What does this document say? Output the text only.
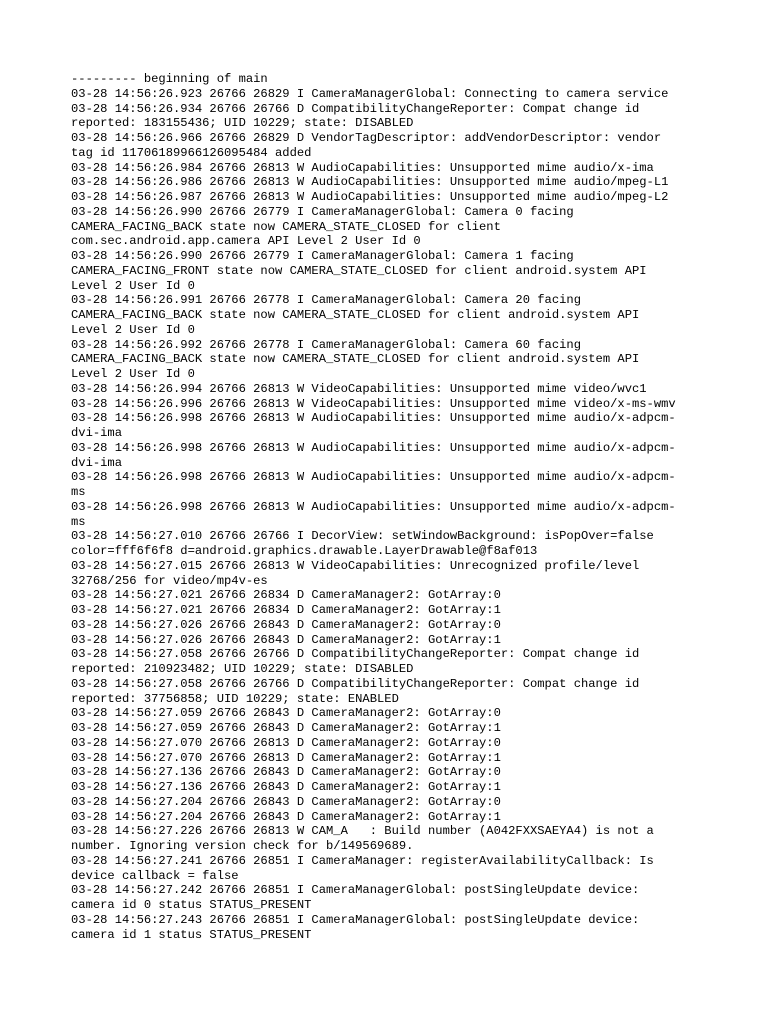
--------- beginning of main
03-28 14:56:26.923 26766 26829 I CameraManagerGlobal: Connecting to camera service
03-28 14:56:26.934 26766 26766 D CompatibilityChangeReporter: Compat change id
reported: 183155436; UID 10229; state: DISABLED
03-28 14:56:26.966 26766 26829 D VendorTagDescriptor: addVendorDescriptor: vendor
tag id 11706189966126095484 added
03-28 14:56:26.984 26766 26813 W AudioCapabilities: Unsupported mime audio/x-ima
03-28 14:56:26.986 26766 26813 W AudioCapabilities: Unsupported mime audio/mpeg-L1
03-28 14:56:26.987 26766 26813 W AudioCapabilities: Unsupported mime audio/mpeg-L2
03-28 14:56:26.990 26766 26779 I CameraManagerGlobal: Camera 0 facing
CAMERA_FACING_BACK state now CAMERA_STATE_CLOSED for client
com.sec.android.app.camera API Level 2 User Id 0
03-28 14:56:26.990 26766 26779 I CameraManagerGlobal: Camera 1 facing
CAMERA_FACING_FRONT state now CAMERA_STATE_CLOSED for client android.system API
Level 2 User Id 0
03-28 14:56:26.991 26766 26778 I CameraManagerGlobal: Camera 20 facing
CAMERA_FACING_BACK state now CAMERA_STATE_CLOSED for client android.system API
Level 2 User Id 0
03-28 14:56:26.992 26766 26778 I CameraManagerGlobal: Camera 60 facing
CAMERA_FACING_BACK state now CAMERA_STATE_CLOSED for client android.system API
Level 2 User Id 0
03-28 14:56:26.994 26766 26813 W VideoCapabilities: Unsupported mime video/wvc1
03-28 14:56:26.996 26766 26813 W VideoCapabilities: Unsupported mime video/x-ms-wmv
03-28 14:56:26.998 26766 26813 W AudioCapabilities: Unsupported mime audio/x-adpcm-
dvi-ima
03-28 14:56:26.998 26766 26813 W AudioCapabilities: Unsupported mime audio/x-adpcm-
dvi-ima
03-28 14:56:26.998 26766 26813 W AudioCapabilities: Unsupported mime audio/x-adpcm-
ms
03-28 14:56:26.998 26766 26813 W AudioCapabilities: Unsupported mime audio/x-adpcm-
ms
03-28 14:56:27.010 26766 26766 I DecorView: setWindowBackground: isPopOver=false
color=fff6f6f8 d=android.graphics.drawable.LayerDrawable@f8af013
03-28 14:56:27.015 26766 26813 W VideoCapabilities: Unrecognized profile/level
32768/256 for video/mp4v-es
03-28 14:56:27.021 26766 26834 D CameraManager2: GotArray:0
03-28 14:56:27.021 26766 26834 D CameraManager2: GotArray:1
03-28 14:56:27.026 26766 26843 D CameraManager2: GotArray:0
03-28 14:56:27.026 26766 26843 D CameraManager2: GotArray:1
03-28 14:56:27.058 26766 26766 D CompatibilityChangeReporter: Compat change id
reported: 210923482; UID 10229; state: DISABLED
03-28 14:56:27.058 26766 26766 D CompatibilityChangeReporter: Compat change id
reported: 37756858; UID 10229; state: ENABLED
03-28 14:56:27.059 26766 26843 D CameraManager2: GotArray:0
03-28 14:56:27.059 26766 26843 D CameraManager2: GotArray:1
03-28 14:56:27.070 26766 26813 D CameraManager2: GotArray:0
03-28 14:56:27.070 26766 26813 D CameraManager2: GotArray:1
03-28 14:56:27.136 26766 26843 D CameraManager2: GotArray:0
03-28 14:56:27.136 26766 26843 D CameraManager2: GotArray:1
03-28 14:56:27.204 26766 26843 D CameraManager2: GotArray:0
03-28 14:56:27.204 26766 26843 D CameraManager2: GotArray:1
03-28 14:56:27.226 26766 26813 W CAM_A   : Build number (A042FXXSAEYA4) is not a
number. Ignoring version check for b/149569689.
03-28 14:56:27.241 26766 26851 I CameraManager: registerAvailabilityCallback: Is
device callback = false
03-28 14:56:27.242 26766 26851 I CameraManagerGlobal: postSingleUpdate device:
camera id 0 status STATUS_PRESENT
03-28 14:56:27.243 26766 26851 I CameraManagerGlobal: postSingleUpdate device:
camera id 1 status STATUS_PRESENT
